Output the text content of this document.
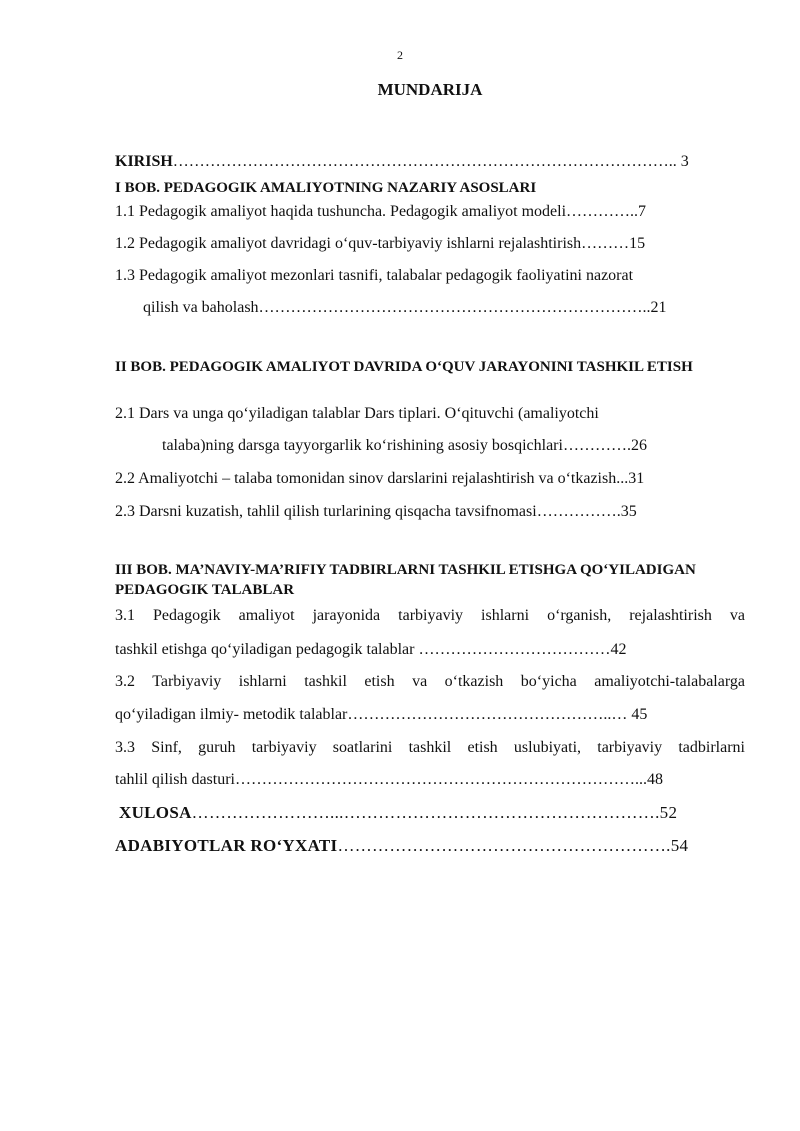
2
MUNDARIJA
KIRISH………………………………………………………………………………….. 3
I BOB. PEDAGOGIK AMALIYOTNING NAZARIY ASOSLARI
1.1 Pedagogik amaliyot haqida tushuncha. Pedagogik amaliyot modeli…………..7
1.2 Pedagogik amaliyot davridagi o‘quv-tarbiyaviy ishlarni rejalashtirish………15
1.3 Pedagogik amaliyot mezonlari tasnifi, talabalar pedagogik faoliyatini nazorat
qilish va baholash………………………………………………………………..21
II BOB. PEDAGOGIK AMALIYOT DAVRIDA O‘QUV JARAYONINI TASHKIL ETISH
2.1 Dars va unga qo‘yiladigan talablar Dars tiplari. O‘qituvchi (amaliyotchi
talaba)ning darsga tayyorgarlik ko‘rishining asosiy bosqichlari………….26
2.2 Amaliyotchi – talaba tomonidan sinov darslarini rejalashtirish va o‘tkazish...31
2.3 Darsni kuzatish, tahlil qilish turlarining qisqacha tavsifnomasi…………….35
III BOB. MA’NAVIY-MA’RIFIY TADBIRLARNI TASHKIL ETISHGA QO‘YILADIGAN PEDAGOGIK TALABLAR
3.1 Pedagogik amaliyot jarayonida tarbiyaviy ishlarni o‘rganish, rejalashtirish va
tashkil etishga qo‘yiladigan pedagogik talablar ………………………………42
3.2 Tarbiyaviy ishlarni tashkil etish va o‘tkazish bo‘yicha amaliyotchi-talabalarga
qo‘yiladigan ilmiy- metodik talablar…………………………………………..… 45
3.3 Sinf, guruh tarbiyaviy soatlarini tashkil etish uslubiyati, tarbiyaviy tadbirlarni
tahlil qilish dasturi…………………………………………………………………...48
XULOSA……………………...……………………………………………….52
ADABIYOTLAR RO‘YXATI………………………………………………….54
